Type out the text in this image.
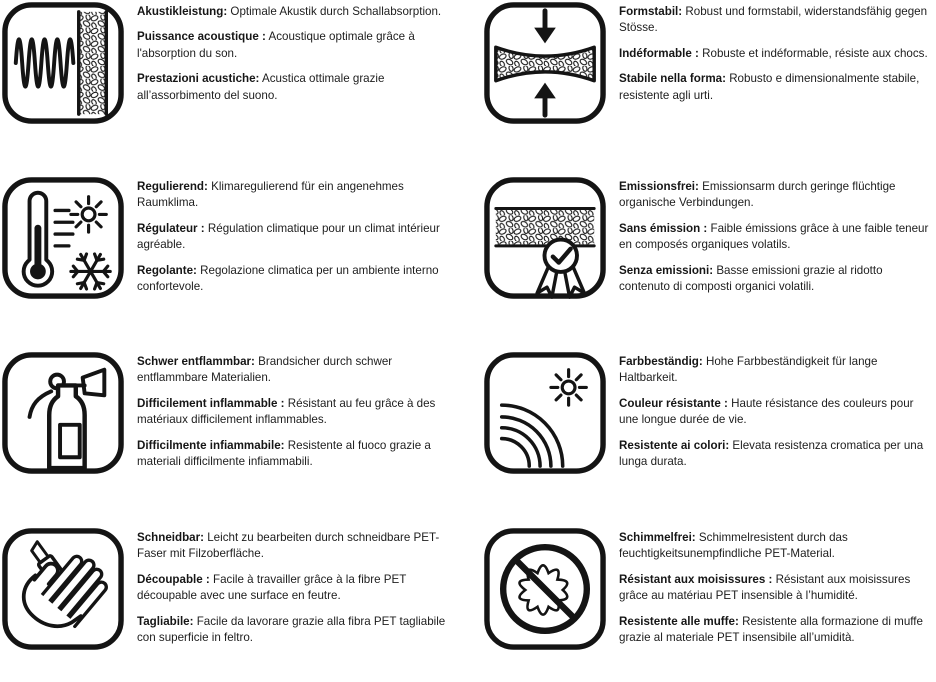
Akustikleistung: Optimale Akustik durch Schallabsorption.

Puissance acoustique : Acoustique optimale grâce à l'absorption du son.

Prestazioni acustiche: Acustica ottimale grazie all’assorbimento del suono.

Formstabil: Robust und formstabil, widerstandsfähig gegen Stösse.

Indéformable : Robuste et indéformable, résiste aux chocs.

Stabile nella forma: Robusto e dimensionalmente stabile, resistente agli urti.

Regulierend: Klimaregulierend für ein angenehmes Raumklima.

Régulateur : Régulation climatique pour un climat intérieur agréable.

Regolante: Regolazione climatica per un ambiente interno confortevole.

Emissionsfrei: Emissionsarm durch geringe flüchtige organische Verbindungen.

Sans émission : Faible émissions grâce à une faible teneur en composés organiques volatils.

Senza emissioni: Basse emissioni grazie al ridotto contenuto di composti organici volatili.

Schwer entflammbar: Brandsicher durch schwer entflammbare Materialien.

Difficilement inflammable : Résistant au feu grâce à des matériaux difficilement inflammables.

Difficilmente infiammabile: Resistente al fuoco grazie a materiali difficilmente infiammabili.

Farbbeständig: Hohe Farbbeständigkeit für lange Haltbarkeit.

Couleur résistante : Haute résistance des couleurs pour une longue durée de vie.

Resistente ai colori: Elevata resistenza cromatica per una lunga durata.

Schneidbar: Leicht zu bearbeiten durch schneidbare PET-Faser mit Filzoberfläche.

Découpable : Facile à travailler grâce à la fibre PET découpable avec une surface en feutre.

Tagliabile: Facile da lavorare grazie alla fibra PET tagliabile con superficie in feltro.

Schimmelfrei: Schimmelresistent durch das feuchtigkeitsunempfindliche PET-Material.

Résistant aux moisissures : Résistant aux moisissures grâce au matériau PET insensible à l’humidité.

Resistente alle muffe: Resistente alla formazione di muffe grazie al materiale PET insensibile all’umidità.
